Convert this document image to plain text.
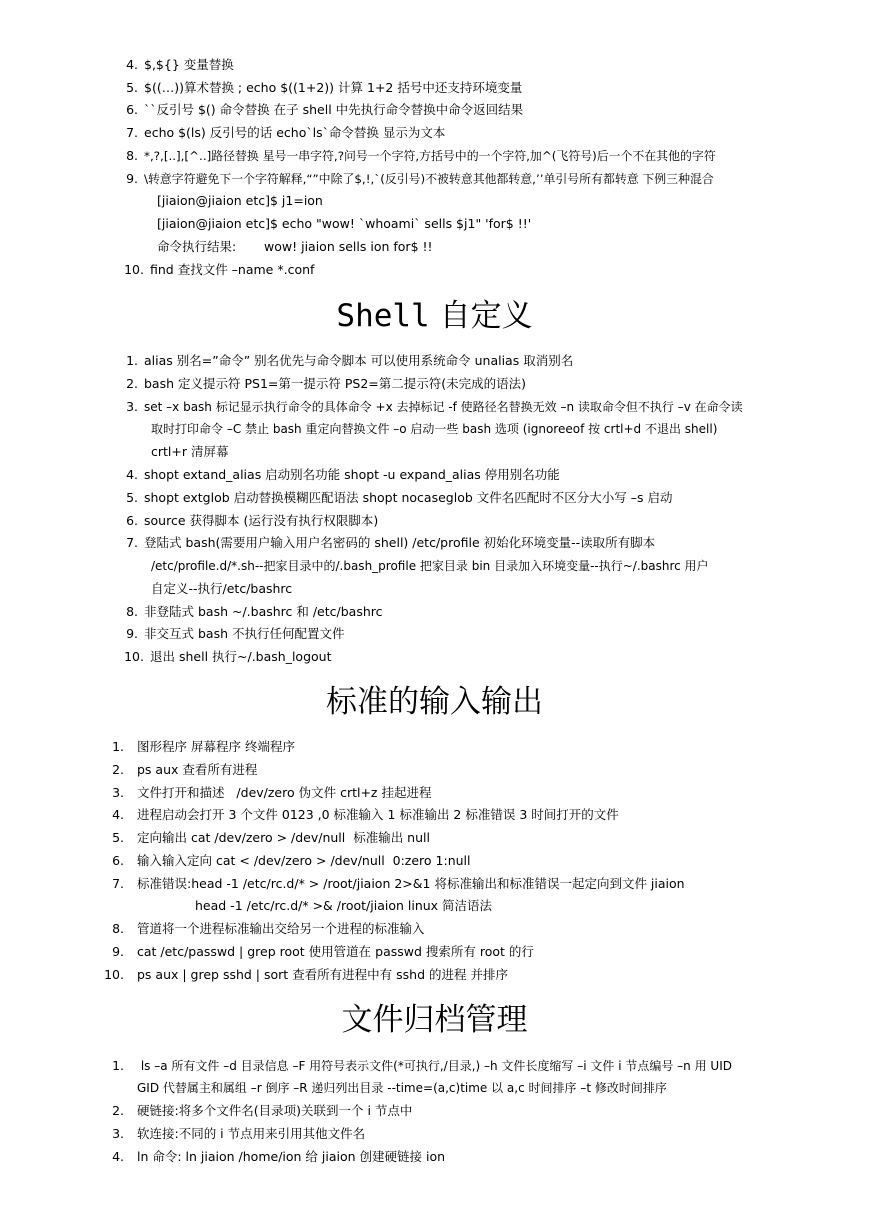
4. $,${} 变量替换
5. $((…))算术替换 ; echo $((1+2)) 计算 1+2 括号中还支持环境变量
6. ``反引号 $() 命令替换 在子 shell 中先执行命令替换中命令返回结果
7. echo $(ls) 反引号的话 echo`ls`命令替换 显示为文本
8. *,?,[..],[^..]路径替换 星号一串字符,?问号一个字符,方括号中的一个字符,加^(飞符号)后一个不在其他的字符
9. \转意字符避免下一个字符解释,“”中除了$,!,`(反引号)不被转意其他都转意,’’单引号所有都转意 下例三种混合
[jiaion@jiaion etc]$ j1=ion
[jiaion@jiaion etc]$ echo "wow! `whoami` sells $j1" 'for$ !!'
命令执行结果:       wow! jiaion sells ion for$ !!
10. find 查找文件 –name *.conf
Shell 自定义
1. alias 别名=”命令” 别名优先与命令脚本 可以使用系统命令 unalias 取消别名
2. bash 定义提示符 PS1=第一提示符 PS2=第二提示符(未完成的语法)
3. set –x bash 标记显示执行命令的具体命令 +x 去掉标记 -f 使路径名替换无效 –n 读取命令但不执行 –v 在命令读
取时打印命令 –C 禁止 bash 重定向替换文件 –o 启动一些 bash 选项 (ignoreeof 按 crtl+d 不退出 shell)
crtl+r 清屏幕
4. shopt extand_alias 启动别名功能 shopt -u expand_alias 停用别名功能
5. shopt extglob 启动替换模糊匹配语法 shopt nocaseglob 文件名匹配时不区分大小写 –s 启动
6. source 获得脚本 (运行没有执行权限脚本)
7. 登陆式 bash(需要用户输入用户名密码的 shell) /etc/profile 初始化环境变量--读取所有脚本
/etc/profile.d/*.sh--把家目录中的/.bash_profile 把家目录 bin 目录加入环境变量--执行~/.bashrc 用户
自定义--执行/etc/bashrc
8. 非登陆式 bash ~/.bashrc 和 /etc/bashrc
9. 非交互式 bash 不执行任何配置文件
10. 退出 shell 执行~/.bash_logout
标准的输入输出
1. 图形程序 屏幕程序 终端程序
2. ps aux 查看所有进程
3. 文件打开和描述   /dev/zero 伪文件 crtl+z 挂起进程
4. 进程启动会打开 3 个文件 0123 ,0 标准输入 1 标准输出 2 标准错误 3 时间打开的文件
5. 定向输出 cat /dev/zero > /dev/null  标准输出 null
6. 输入输入定向 cat < /dev/zero > /dev/null  0:zero 1:null
7. 标准错误:head -1 /etc/rc.d/* > /root/jiaion 2>&1 将标准输出和标准错误一起定向到文件 jiaion
head -1 /etc/rc.d/* >& /root/jiaion linux 简洁语法
8. 管道将一个进程标准输出交给另一个进程的标准输入
9. cat /etc/passwd | grep root 使用管道在 passwd 搜索所有 root 的行
10. ps aux | grep sshd | sort 查看所有进程中有 sshd 的进程 并排序
文件归档管理
1. ls –a 所有文件 –d 目录信息 –F 用符号表示文件(*可执行,/目录,) –h 文件长度缩写 –i 文件 i 节点编号 –n 用 UID
GID 代替属主和属组 –r 倒序 –R 递归列出目录 --time=(a,c)time 以 a,c 时间排序 –t 修改时间排序
2. 硬链接:将多个文件名(目录项)关联到一个 i 节点中
3. 软连接:不同的 i 节点用来引用其他文件名
4. ln 命令: ln jiaion /home/ion 给 jiaion 创建硬链接 ion
